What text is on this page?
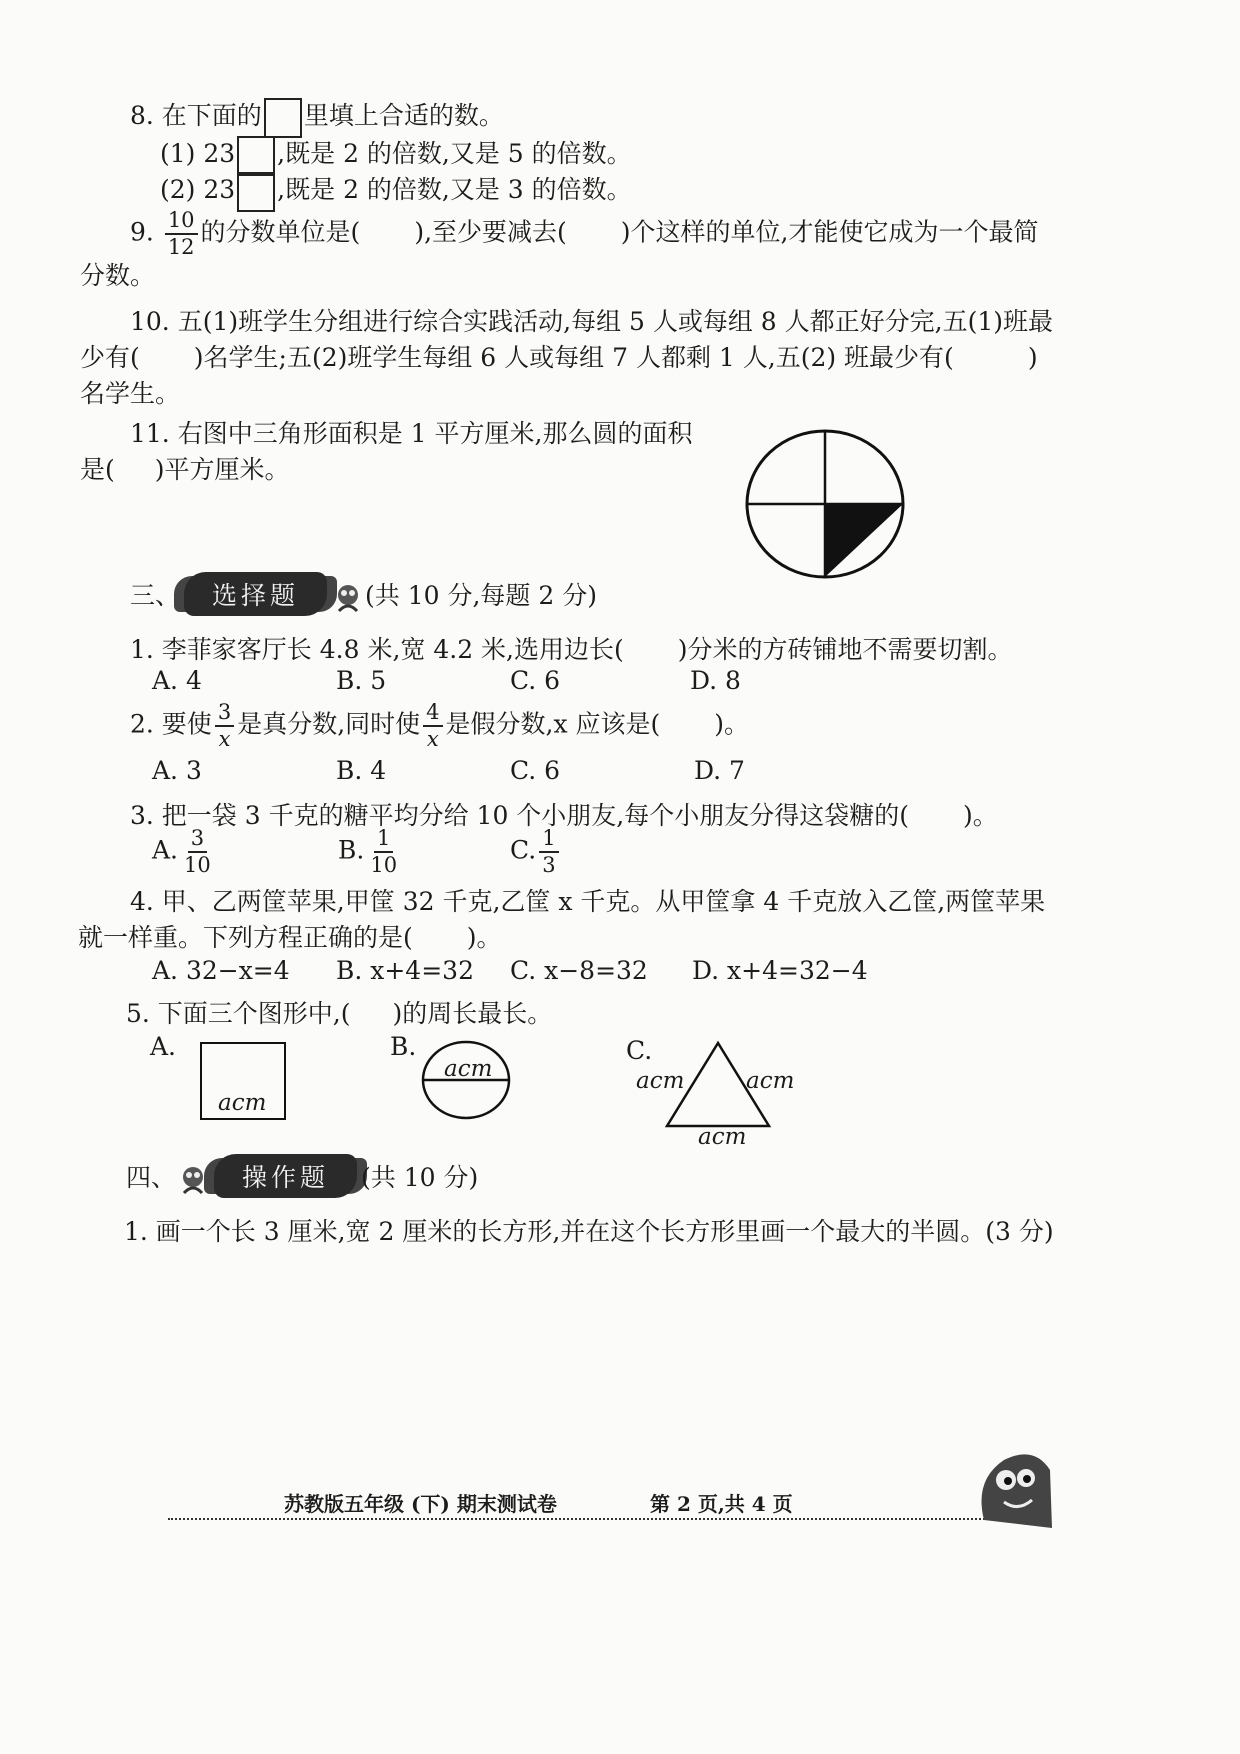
8. 在下面的 里填上合适的数。
(1) 23 ,既是 2 的倍数,又是 5 的倍数。
(2) 23 ,既是 2 的倍数,又是 3 的倍数。
9. $\frac{10}{12}$ 的分数单位是( ),至少要减去( )个这样的单位,才能使它成为一个最简
分数。
10. 五(1)班学生分组进行综合实践活动,每组 5 人或每组 8 人都正好分完,五(1)班最
少有( )名学生;五(2)班学生每组 6 人或每组 7 人都剩 1 人,五(2) 班最少有(	)
名学生。
11. 右图中三角形面积是 1 平方厘米,那么圆的面积
是( )平方厘米。
三、 选择题	(共 10 分,每题 2 分)
1. 李菲家客厅长 4.8 米,宽 4.2 米,选用边长( )分米的方砖铺地不需要切割。
A. 4	B. 5	C. 6	D. 8
2. 要使 $\frac{3}{x}$ 是真分数,同时使 $\frac{4}{x}$ 是假分数,x 应该是( )。
A. 3	B. 4	C. 6	D. 7
3. 把一袋 3 千克的糖平均分给 10 个小朋友,每个小朋友分得这袋糖的( )。
A. $\frac{3}{10}$	B. $\frac{1}{10}$	C. $\frac{1}{3}$
4. 甲、乙两筐苹果,甲筐 32 千克,乙筐 x 千克。从甲筐拿 4 千克放入乙筐,两筐苹果
就一样重。下列方程正确的是( )。
A. 32−x=4 B. x+4=32 C. x−8=32 D. x+4=32−4
5. 下面三个图形中,( )的周长最长。
A.
acm
B.
acm
C.
acm	acm
acm
四、	操作题 (共 10 分)
1. 画一个长 3 厘米,宽 2 厘米的长方形,并在这个长方形里画一个最大的半圆。(3 分)
苏教版五年级 (下) 期末测试卷	第 2 页,共 4 页
